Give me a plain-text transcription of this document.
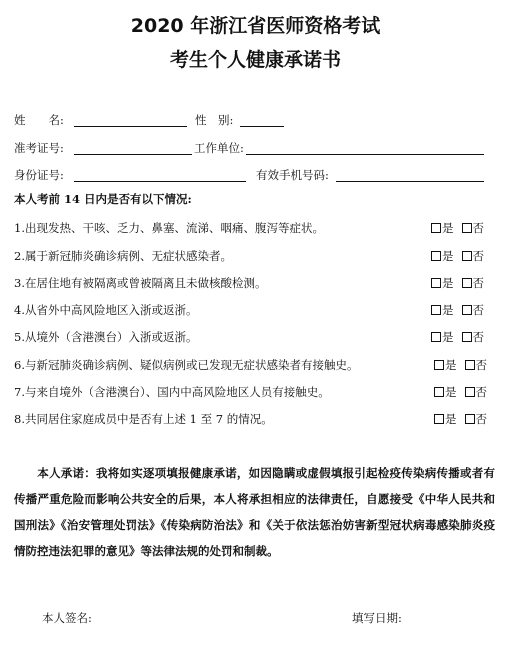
2020 年浙江省医师资格考试
考生个人健康承诺书
姓　　名:	性　别:
准考证号:	工作单位:
身份证号:	有效手机号码:
本人考前 14 日内是否有以下情况:
1.出现发热、干咳、乏力、鼻塞、流涕、咽痛、腹泻等症状。	是 否
2.属于新冠肺炎确诊病例、无症状感染者。	是 否
3.在居住地有被隔离或曾被隔离且未做核酸检测。	是 否
4.从省外中高风险地区入浙或返浙。	是 否
5.从境外（含港澳台）入浙或返浙。	是 否
6.与新冠肺炎确诊病例、疑似病例或已发现无症状感染者有接触史。	是 否
7.与来自境外（含港澳台）、国内中高风险地区人员有接触史。	是 否
8.共同居住家庭成员中是否有上述 1 至 7 的情况。	是 否
本人承诺：我将如实逐项填报健康承诺，如因隐瞒或虚假填报引起检疫传染病传播或者有传播严重危险而影响公共安全的后果，本人将承担相应的法律责任，自愿接受《中华人民共和国刑法》《治安管理处罚法》《传染病防治法》和《关于依法惩治妨害新型冠状病毒感染肺炎疫情防控违法犯罪的意见》等法律法规的处罚和制裁。
本人签名:	填写日期:
